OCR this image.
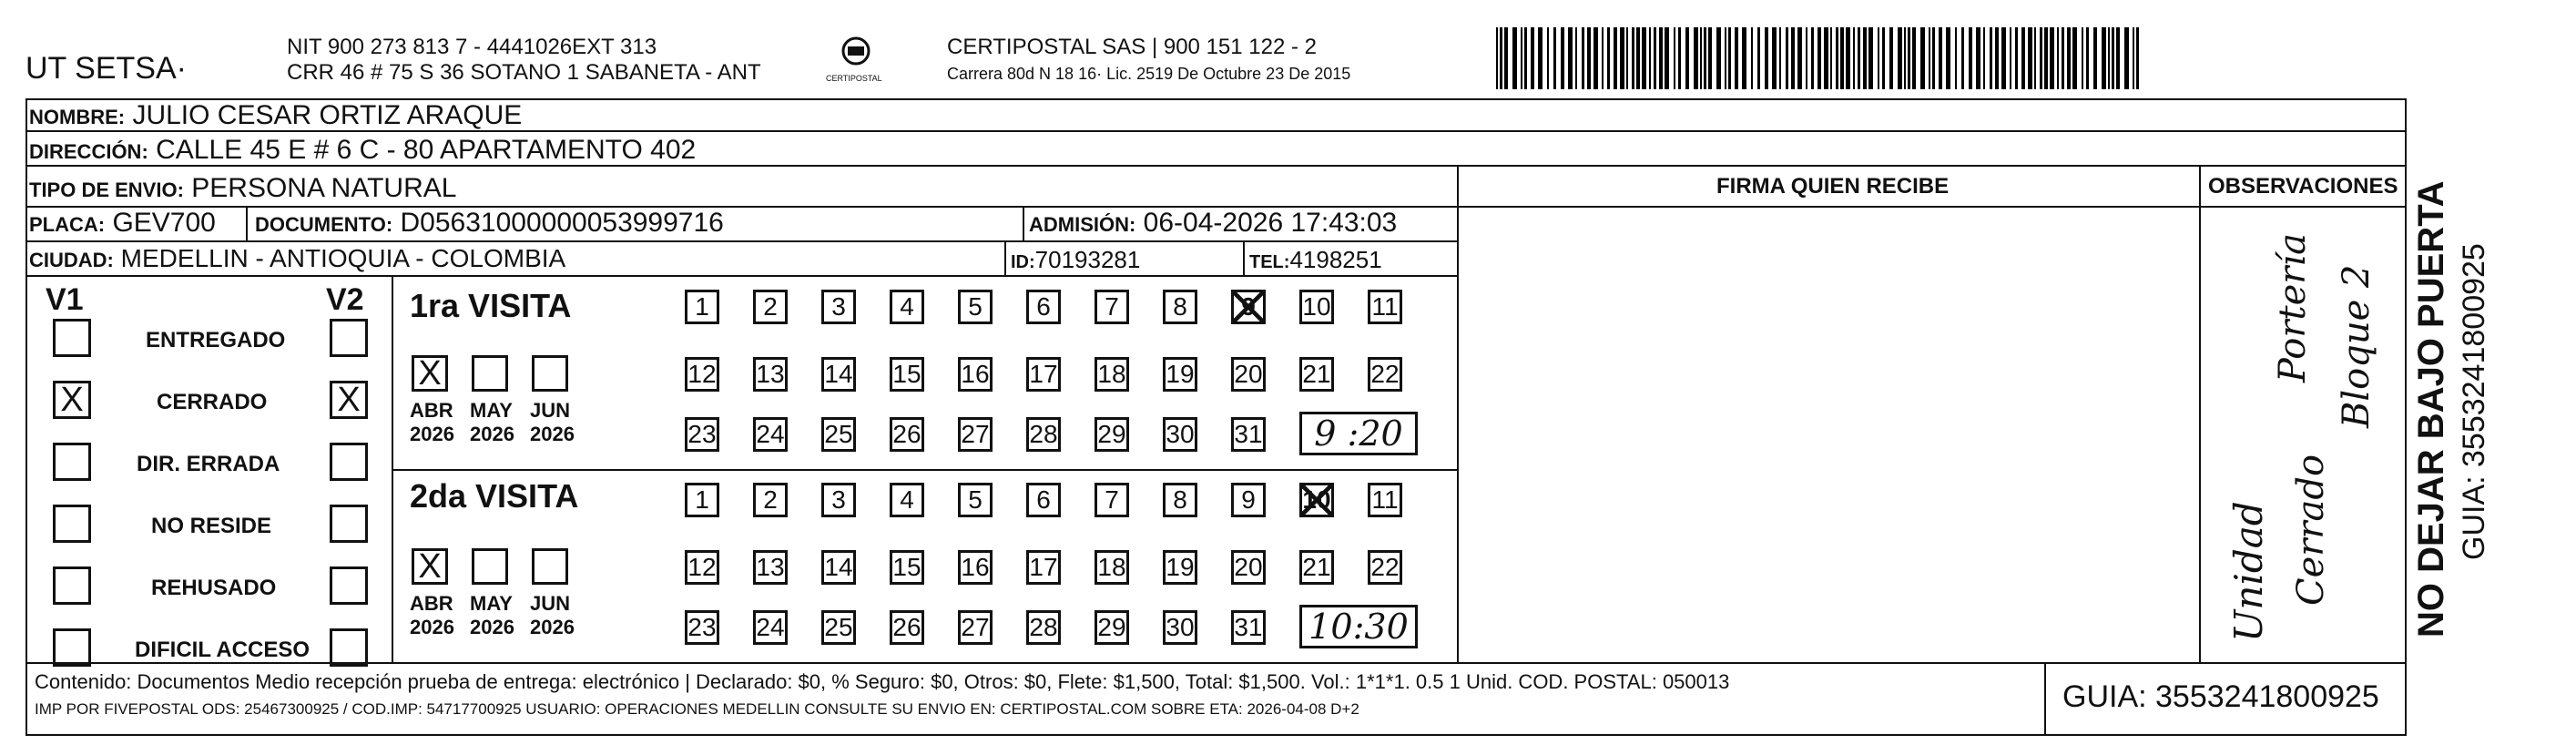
UT SETSA·
NIT 900 273 813 7 - 4441026EXT 313
CRR 46 # 75 S 36 SOTANO 1 SABANETA - ANT	CERTIPOSTAL
CERTIPOSTAL SAS | 900 151 122 - 2
Carrera 80d N 18 16· Lic. 2519 De Octubre 23 De 2015
NOMBRE: JULIO CESAR ORTIZ ARAQUE
DIRECCIÓN: CALLE 45 E # 6 C - 80 APARTAMENTO 402
TIPO DE ENVIO: PERSONA NATURAL
PLACA: GEV700 DOCUMENTO: D05631000000053999716	ADMISIÓN: 06-04-2026 17:43:03
CIUDAD: MEDELLIN - ANTIOQUIA - COLOMBIA	ID:70193281	TEL:4198251
FIRMA QUIEN RECIBE	OBSERVACIONES
Unidad Cerrado
Portería Bloque 2 NO DEJAR BAJO PUERTA GUIA: 3553241800925
V1	V2
ENTREGADO
X	CERRADO X
DIR. ERRADA
NO RESIDE
REHUSADO
DIFICIL ACCESO
1ra VISITA
2da VISITA
X
ABR
2026
MAY
2026
JUN
2026
1	2	3	4	5	6	7	8	9	10 11
12 13 14 15 16 17 18 19 20 21 22
23 24 25 26 27 28 29 30 31	9 :20
X
ABR
2026
MAY
2026
JUN
2026
1	2	3	4	5	6	7	8	9	10 11
12 13 14 15 16 17 18 19 20 21 22
23 24 25 26 27 28 29 30 31 10:30
Contenido: Documentos Medio recepción prueba de entrega: electrónico | Declarado: $0, % Seguro: $0, Otros: $0, Flete: $1,500, Total: $1,500. Vol.: 1*1*1. 0.5 1 Unid. COD. POSTAL: 050013
IMP POR FIVEPOSTAL ODS: 25467300925 / COD.IMP: 54717700925 USUARIO: OPERACIONES MEDELLIN CONSULTE SU ENVIO EN: CERTIPOSTAL.COM SOBRE ETA: 2026-04-08 D+2	GUIA: 3553241800925
